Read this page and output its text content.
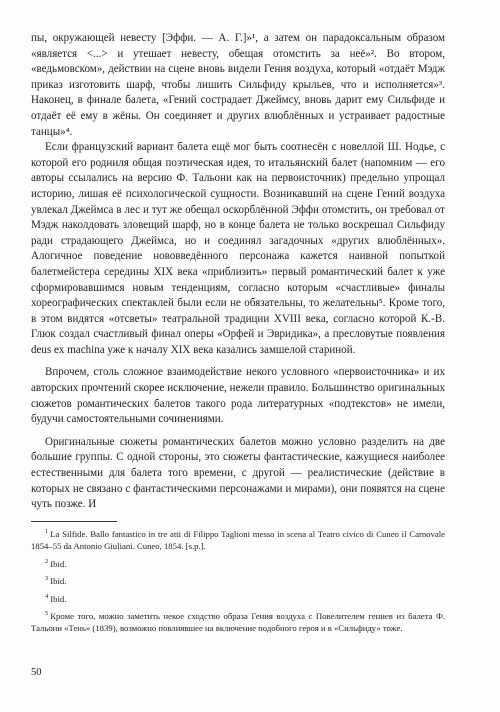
пы, окружающей невесту [Эффи. — А. Г.]»¹, а затем он парадоксальным образом «является <...> и утешает невесту, обещая отомстить за неё»². Во втором, «ведьмовском», действии на сцене вновь видели Гения воздуха, который «отдаёт Мэдж приказ изготовить шарф, чтобы лишить Сильфиду крыльев, что и исполняется»³. Наконец, в финале балета, «Гений сострадает Джеймсу, вновь дарит ему Сильфиде и отдаёт её ему в жёны. Он соединяет и других влюблённых и устраивает радостные танцы»⁴.

Если французский вариант балета ещё мог быть соотнесён с новеллой Ш. Нодье, с которой его родниля общая поэтическая идея, то итальянский балет (напомним — его авторы ссылались на версию Ф. Тальони как на первоисточник) предельно упрощал историю, лишая её психологической сущности. Возникавший на сцене Гений воздуха увлекал Джеймса в лес и тут же обещал оскорблённой Эффи отомстить, он требовал от Мэдж наколдовать зловещий шарф, но в конце балета не только воскрешал Сильфиду ради страдающего Джеймса, но и соединял загадочных «других влюблённых». Алогичное поведение нововведённого персонажа кажется наивной попыткой балетмейстера середины XIX века «приблизить» первый романтический балет к уже сформировавшимся новым тенденциям, согласно которым «счастливые» финалы хореографических спектаклей были если не обязательны, то желательны⁵. Кроме того, в этом видятся «отсветы» театральной традиции XVIII века, согласно которой К.-В. Глюк создал счастливый финал оперы «Орфей и Эвридика», а пресловутые появления deus ex machina уже к началу XIX века казались замшелой стариной.

Впрочем, столь сложное взаимодействие некого условного «первоисточника» и их авторских прочтений скорее исключение, нежели правило. Большинство оригинальных сюжетов романтических балетов такого рода литературных «подтекстов» не имели, будучи самостоятельными сочинениями.

Оригинальные сюжеты романтических балетов можно условно разделить на две большие группы. С одной стороны, это сюжеты фантастические, кажущиеся наиболее естественными для балета того времени, с другой — реалистические (действие в которых не связано с фантастическими персонажами и мирами), они появятся на сцене чуть позже. И

$^1$ La Silfide. Ballo fantastico in tre atti di Filippo Taglioni messo in scena al Teatro civico di Cuneo il Carnovale 1854–55 da Antonio Giuliani. Cuneo, 1854. [s.p.].

$^2$ Ibid.

$^3$ Ibid.

$^4$ Ibid.

$^5$ Кроме того, можно заметить некое сходство образа Гения воздуха с Повелителем гениев из балета Ф. Тальони «Тень» (1839), возможно повлиявшее на включение подобного героя и в «Сильфиду» тоже.

50
